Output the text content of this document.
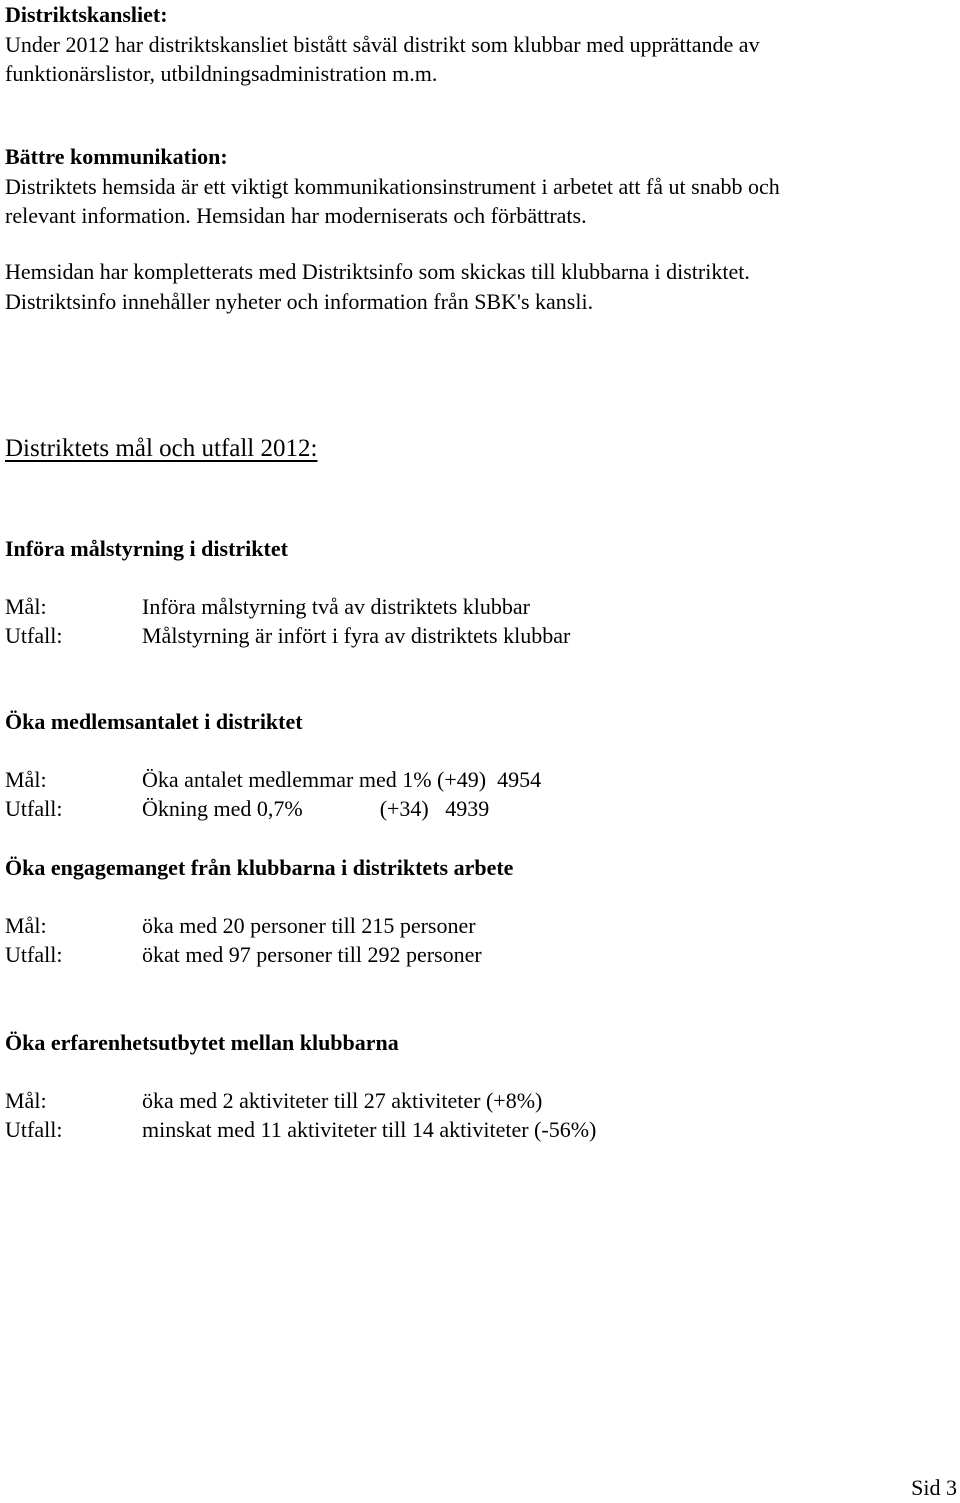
Distriktskansliet:
Under 2012 har distriktskansliet bistått såväl distrikt som klubbar med upprättande av
funktionärslistor, utbildningsadministration m.m.
Bättre kommunikation:
Distriktets hemsida är ett viktigt kommunikationsinstrument i arbetet att få ut snabb och
relevant information. Hemsidan har moderniserats och förbättrats.
Hemsidan har kompletterats med Distriktsinfo som skickas till klubbarna i distriktet.
Distriktsinfo innehåller nyheter och information från SBK's kansli.
Distriktets mål och utfall 2012:
Införa målstyrning i distriktet
Mål:	Införa målstyrning två av distriktets klubbar
Utfall:	Målstyrning är infört i fyra av distriktets klubbar
Öka medlemsantalet i distriktet
Mål:	Öka antalet medlemmar med 1% (+49)  4954
Utfall:	Ökning med 0,7%              (+34)   4939
Öka engagemanget från klubbarna i distriktets arbete
Mål:	öka med 20 personer till 215 personer
Utfall:	ökat med 97 personer till 292 personer
Öka erfarenhetsutbytet mellan klubbarna
Mål:	öka med 2 aktiviteter till 27 aktiviteter (+8%)
Utfall:	minskat med 11 aktiviteter till 14 aktiviteter (-56%)
Sid 3
